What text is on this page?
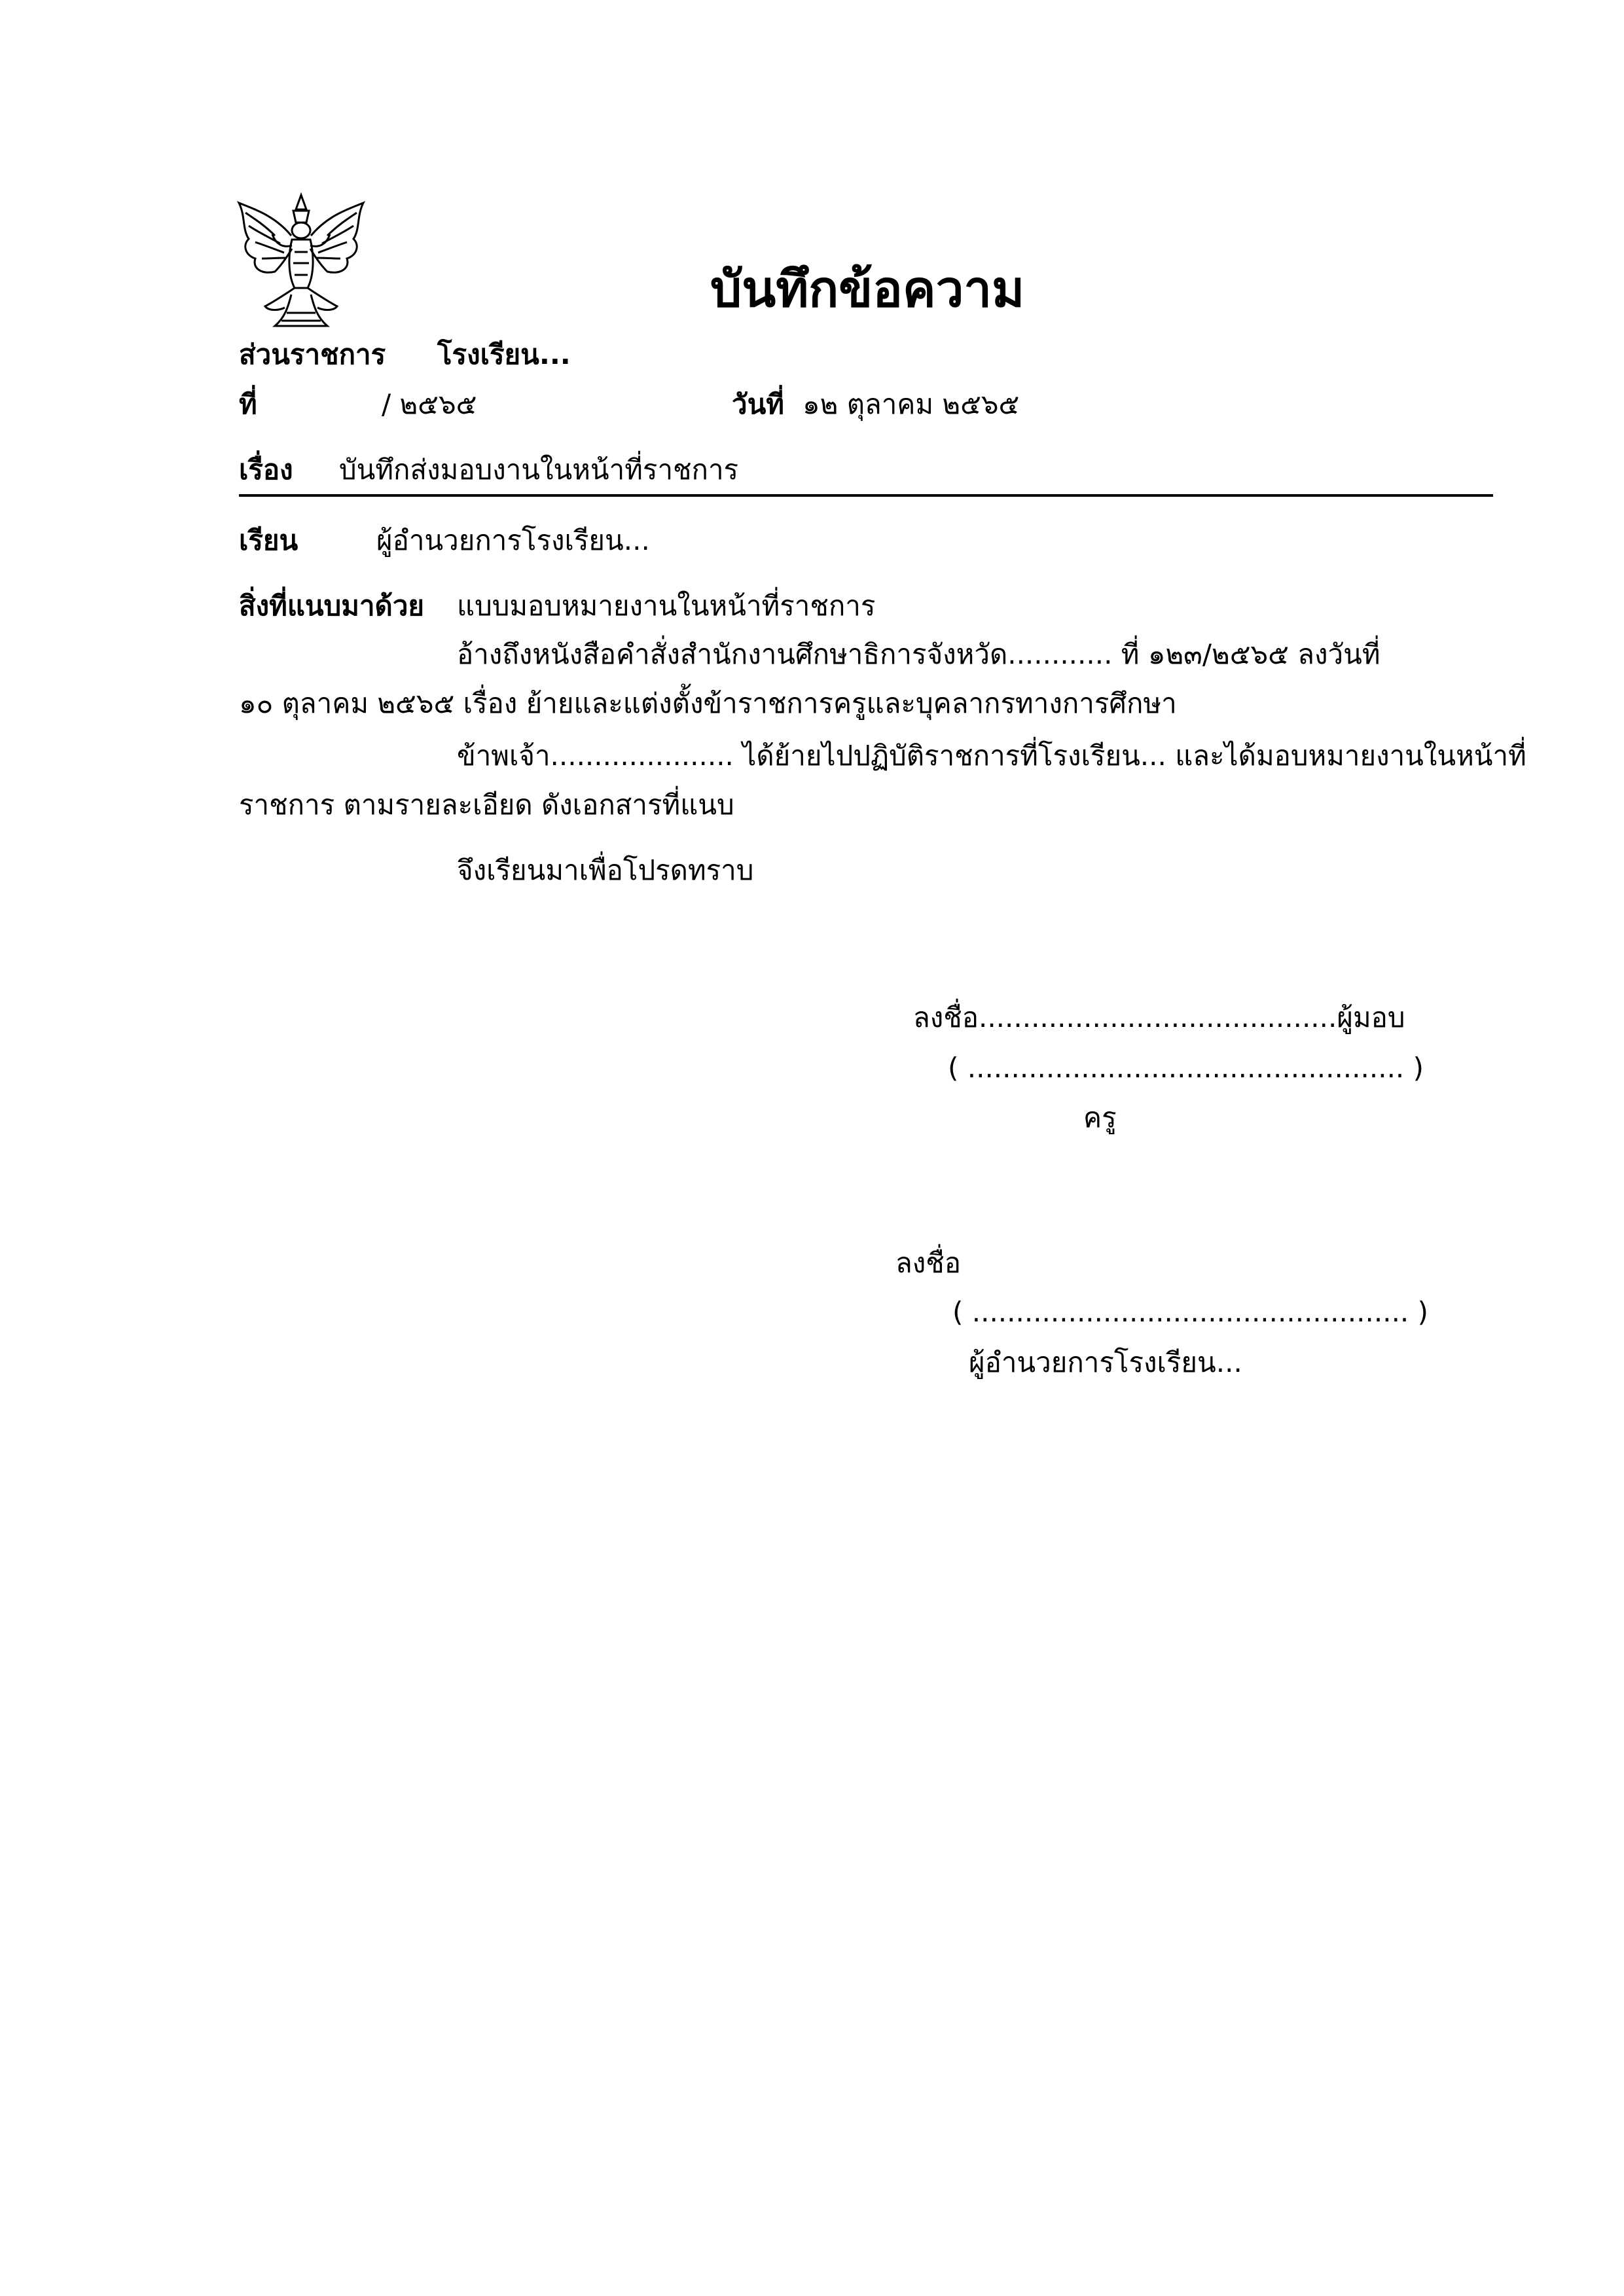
บันทึกข้อความ
ส่วนราชการ โรงเรียน...
ที่	/ ๒๕๖๕	วันที่ ๑๒ ตุลาคม ๒๕๖๕
เรื่อง บันทึกส่งมอบงานในหน้าที่ราชการ
เรียน	ผู้อำนวยการโรงเรียน...
สิ่งที่แนบมาด้วย แบบมอบหมายงานในหน้าที่ราชการ
อ้างถึงหนังสือคำสั่งสำนักงานศึกษาธิการจังหวัด............ ที่ ๑๒๓/๒๕๖๕ ลงวันที่
๑๐ ตุลาคม ๒๕๖๕ เรื่อง ย้ายและแต่งตั้งข้าราชการครูและบุคลากรทางการศึกษา
ข้าพเจ้า..................... ได้ย้ายไปปฏิบัติราชการที่โรงเรียน... และได้มอบหมายงานในหน้าที่
ราชการ ตามรายละเอียด ดังเอกสารที่แนบ
จึงเรียนมาเพื่อโปรดทราบ
ลงชื่อ.........................................ผู้มอบ
( .................................................. )
ครู
ลงชื่อ
( .................................................. )
ผู้อำนวยการโรงเรียน...
